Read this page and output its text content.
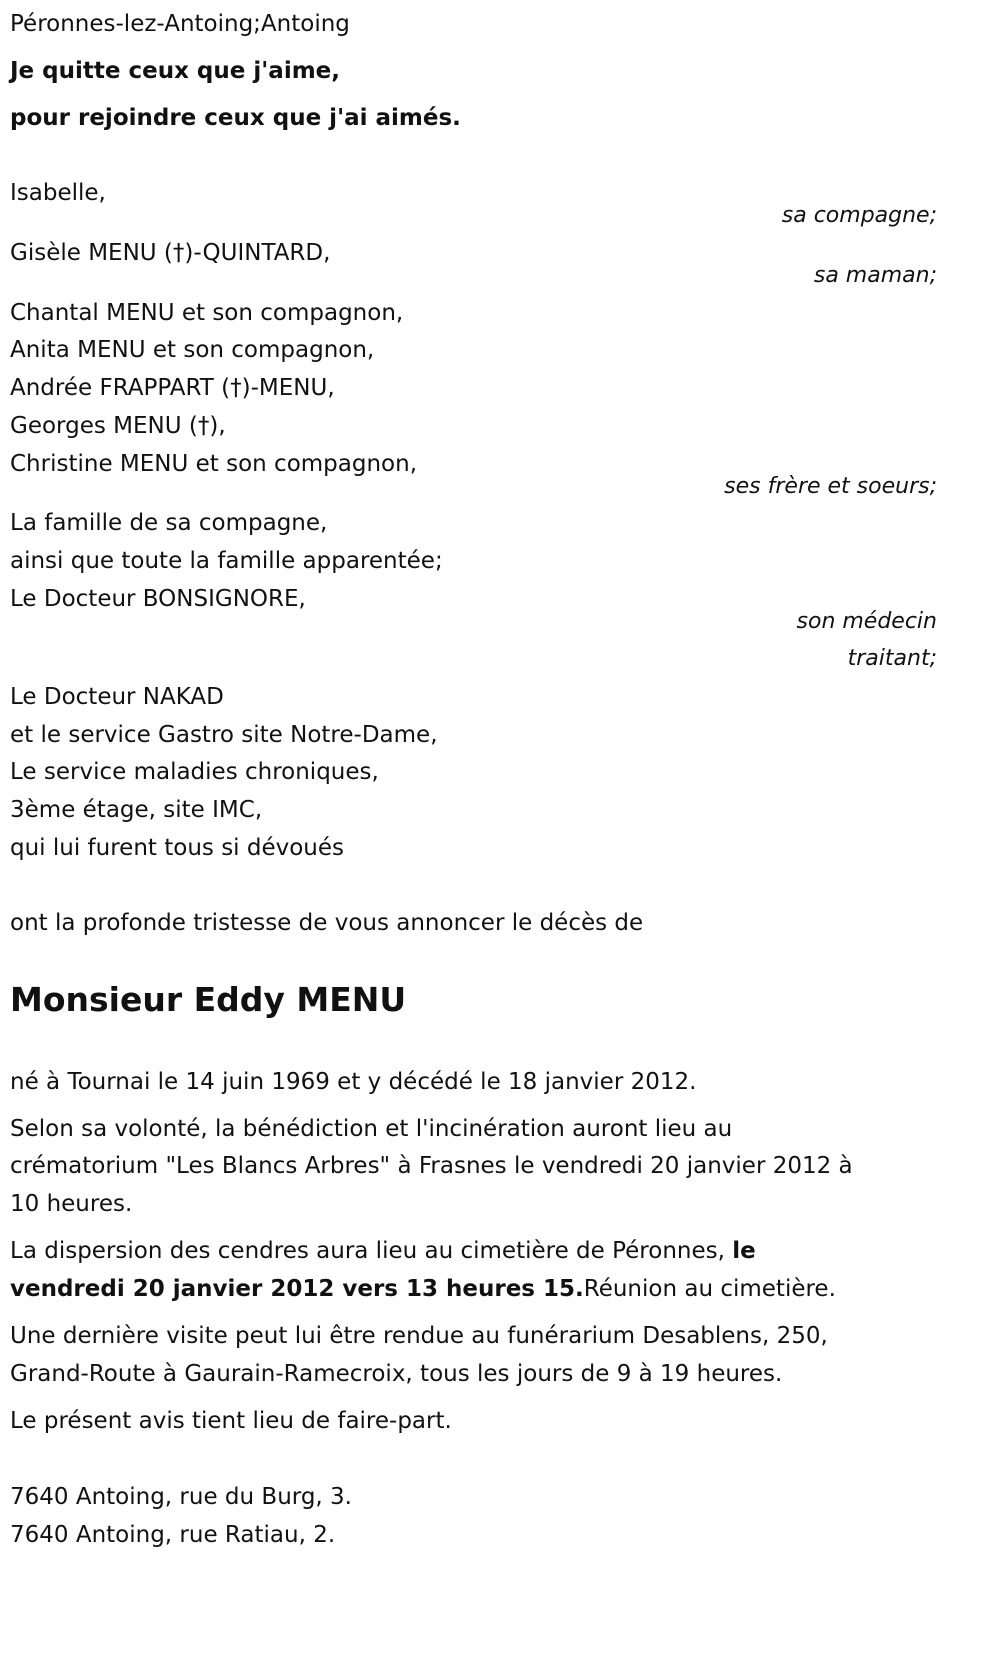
Péronnes-lez-Antoing;Antoing
Je quitte ceux que j'aime,
pour rejoindre ceux que j'ai aimés.
Isabelle,
sa compagne;
Gisèle MENU (†)-QUINTARD,
sa maman;
Chantal MENU et son compagnon,
Anita MENU et son compagnon,
Andrée FRAPPART (†)-MENU,
Georges MENU (†),
Christine MENU et son compagnon,
ses frère et soeurs;
La famille de sa compagne,
ainsi que toute la famille apparentée;
Le Docteur BONSIGNORE,
son médecin
traitant;
Le Docteur NAKAD
et le service Gastro site Notre-Dame,
Le service maladies chroniques,
3ème étage, site IMC,
qui lui furent tous si dévoués
ont la profonde tristesse de vous annoncer le décès de
Monsieur Eddy MENU
né à Tournai le 14 juin 1969 et y décédé le 18 janvier 2012.
Selon sa volonté, la bénédiction et l'incinération auront lieu au
crématorium "Les Blancs Arbres" à Frasnes le vendredi 20 janvier 2012 à
10 heures.
La dispersion des cendres aura lieu au cimetière de Péronnes, le
vendredi 20 janvier 2012 vers 13 heures 15.Réunion au cimetière.
Une dernière visite peut lui être rendue au funérarium Desablens, 250,
Grand-Route à Gaurain-Ramecroix, tous les jours de 9 à 19 heures.
Le présent avis tient lieu de faire-part.
7640 Antoing, rue du Burg, 3.
7640 Antoing, rue Ratiau, 2.
